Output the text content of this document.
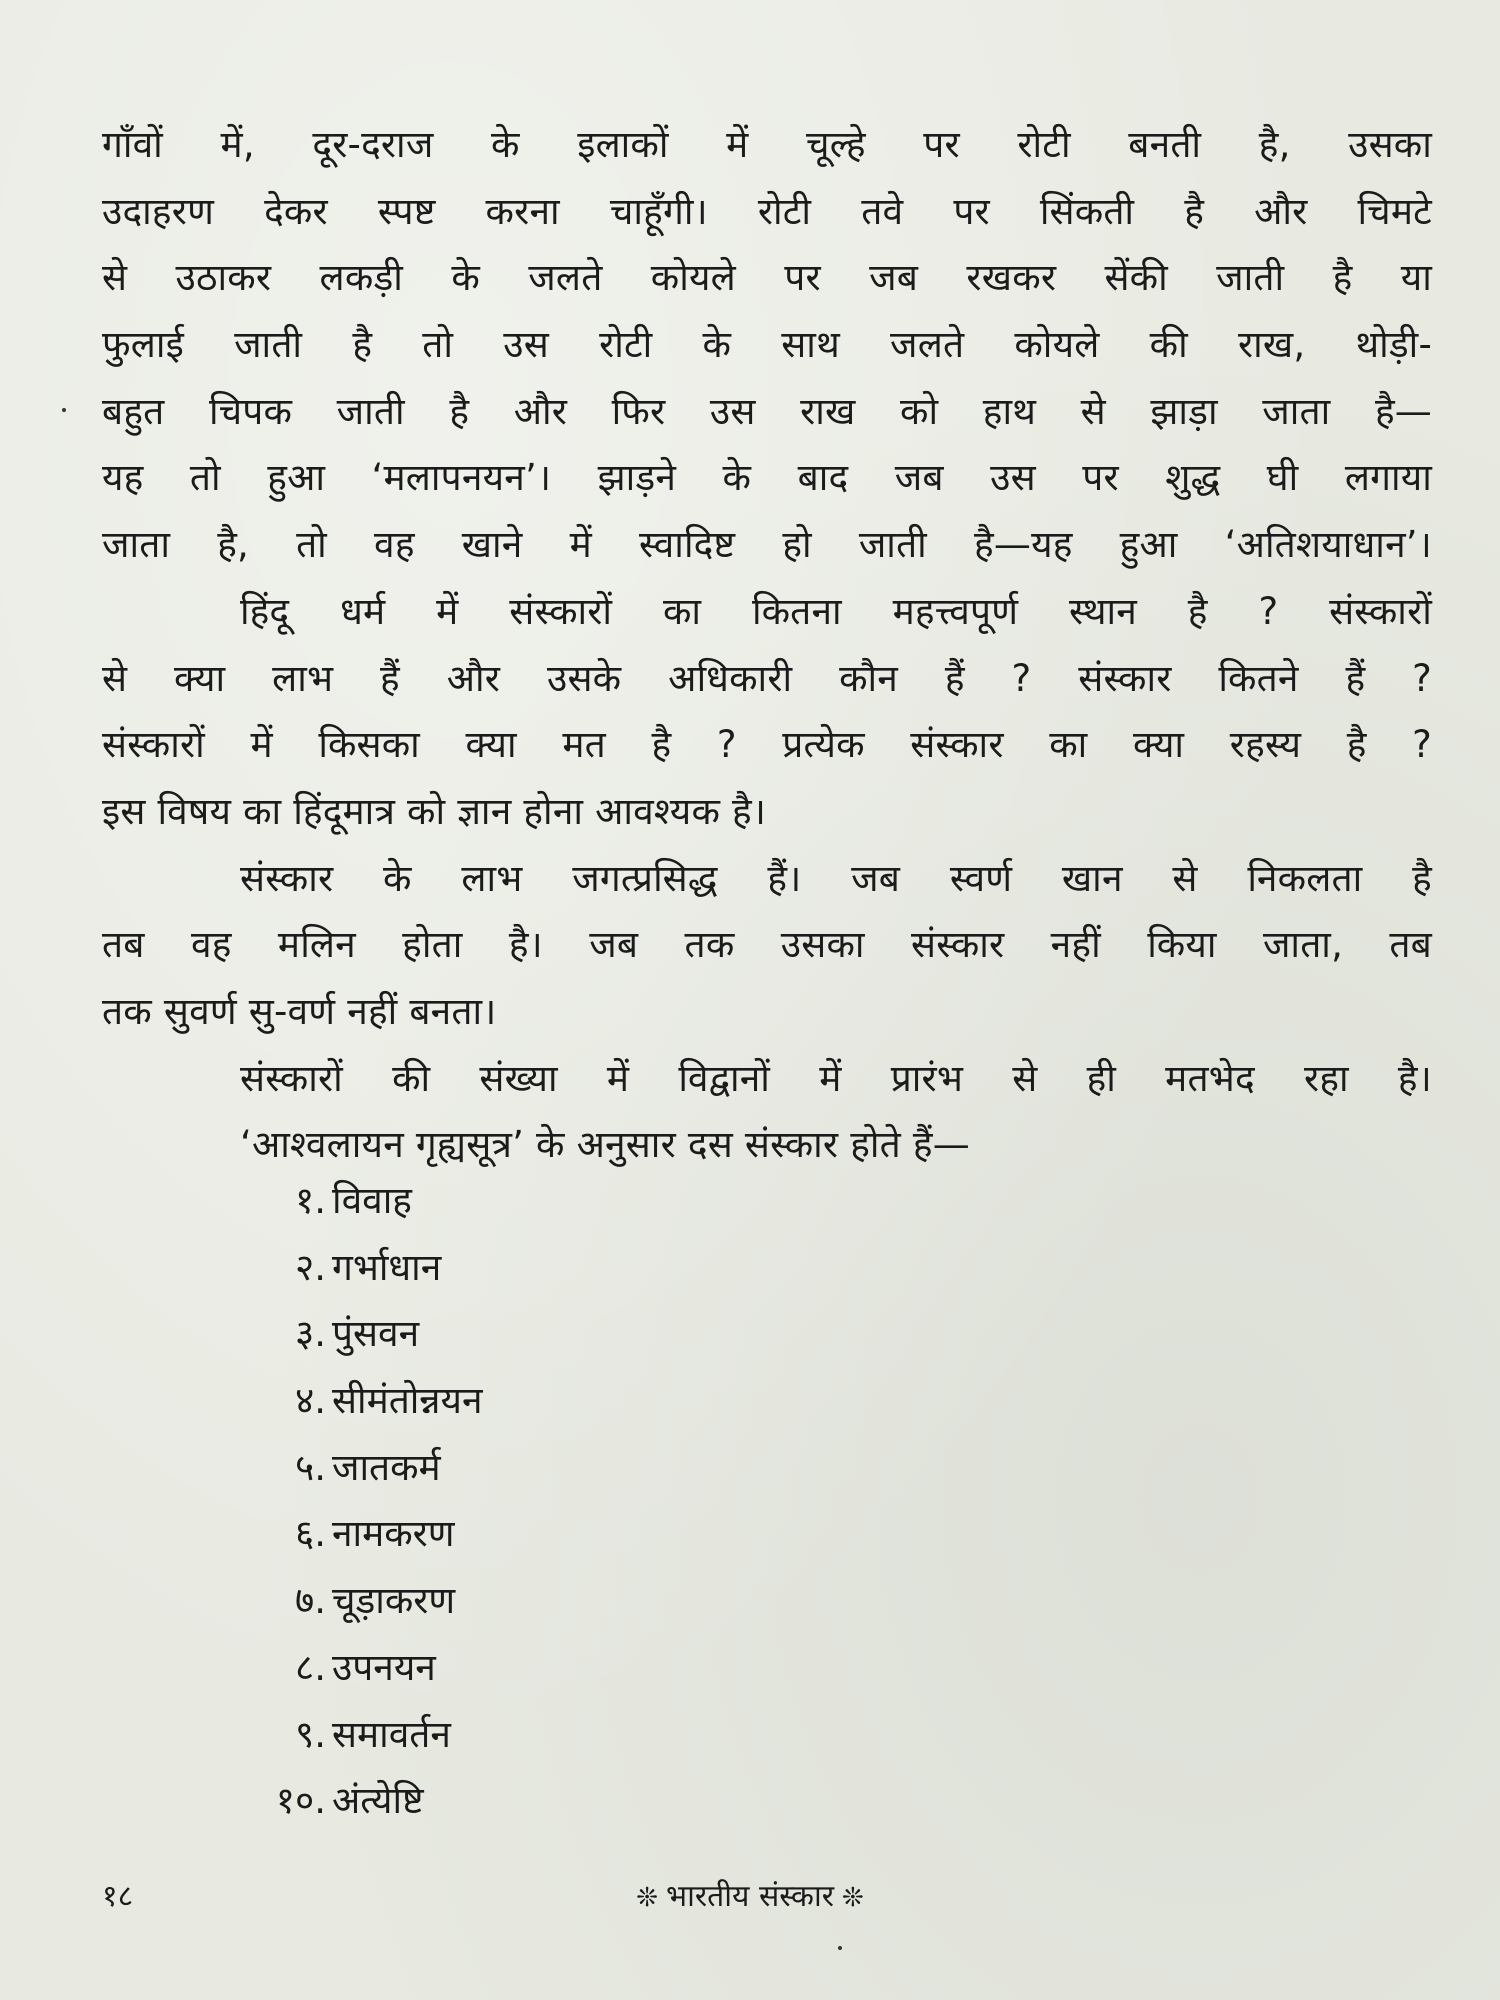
गाँवों में, दूर-दराज के इलाकों में चूल्हे पर रोटी बनती है, उसका
उदाहरण देकर स्पष्ट करना चाहूँगी। रोटी तवे पर सिंकती है और चिमटे
से उठाकर लकड़ी के जलते कोयले पर जब रखकर सेंकी जाती है या
फुलाई जाती है तो उस रोटी के साथ जलते कोयले की राख, थोड़ी-
बहुत चिपक जाती है और फिर उस राख को हाथ से झाड़ा जाता है—
यह तो हुआ ‘मलापनयन’। झाड़ने के बाद जब उस पर शुद्ध घी लगाया
जाता है, तो वह खाने में स्वादिष्ट हो जाती है—यह हुआ ‘अतिशयाधान’।
हिंदू धर्म में संस्कारों का कितना महत्त्वपूर्ण स्थान है ? संस्कारों
से क्या लाभ हैं और उसके अधिकारी कौन हैं ? संस्कार कितने हैं ?
संस्कारों में किसका क्या मत है ? प्रत्येक संस्कार का क्या रहस्य है ?
इस विषय का हिंदूमात्र को ज्ञान होना आवश्यक है।
संस्कार के लाभ जगत्प्रसिद्ध हैं। जब स्वर्ण खान से निकलता है
तब वह मलिन होता है। जब तक उसका संस्कार नहीं किया जाता, तब
तक सुवर्ण सु-वर्ण नहीं बनता।
संस्कारों की संख्या में विद्वानों में प्रारंभ से ही मतभेद रहा है।
‘आश्वलायन गृह्यसूत्र’ के अनुसार दस संस्कार होते हैं—
१. विवाह
२. गर्भाधान
३. पुंसवन
४. सीमंतोन्नयन
५. जातकर्म
६. नामकरण
७. चूड़ाकरण
८. उपनयन
९. समावर्तन
१०. अंत्येष्टि
१८	❊ भारतीय संस्कार ❊
